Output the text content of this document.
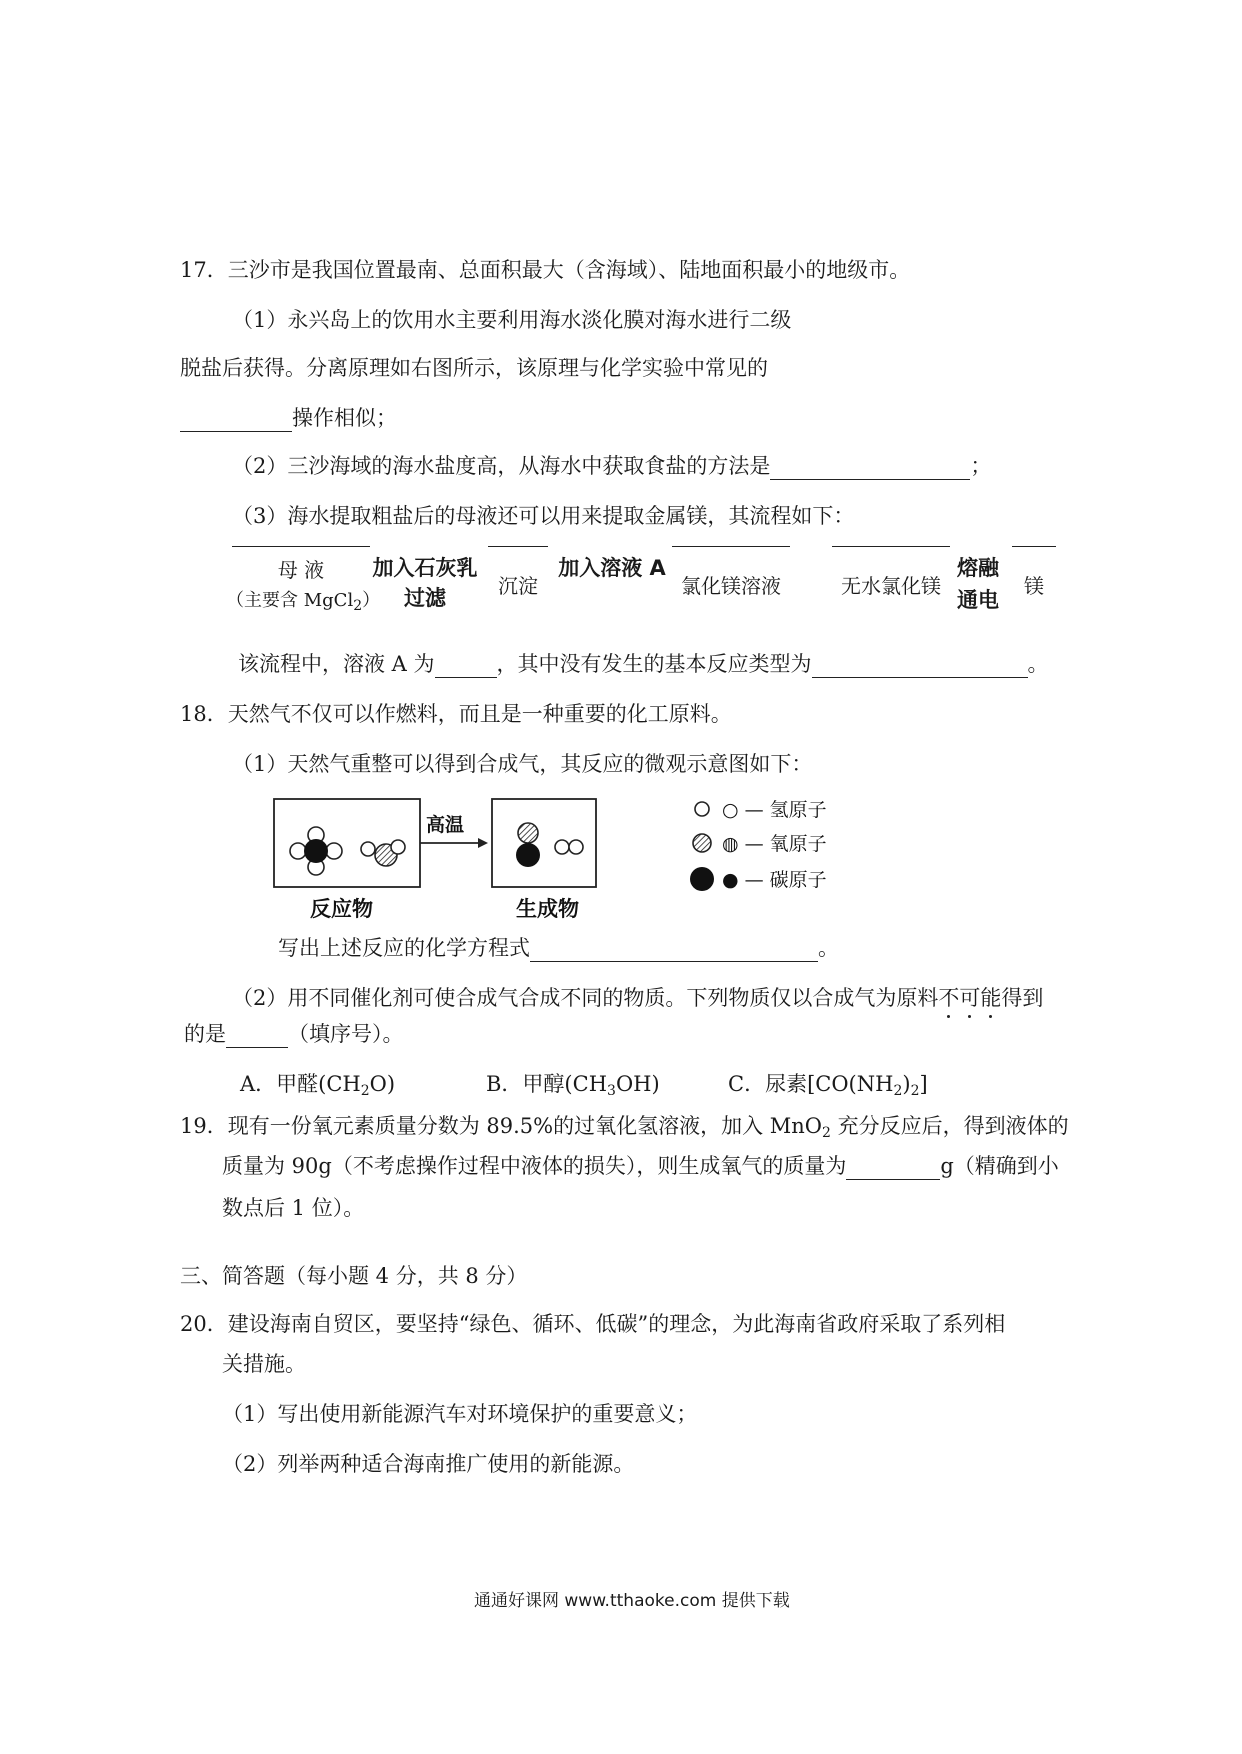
17．三沙市是我国位置最南、总面积最大（含海域）、陆地面积最小的地级市。
（1）永兴岛上的饮用水主要利用海水淡化膜对海水进行二级
脱盐后获得。分离原理如右图所示，该原理与化学实验中常见的
操作相似；
（2）三沙海域的海水盐度高，从海水中获取食盐的方法是	；
（3）海水提取粗盐后的母液还可以用来提取金属镁，其流程如下：
母 液
（主要含 MgCl$_2$）
加入石灰乳
过滤	沉淀
加入溶液 A
氯化镁溶液	无水氯化镁
熔融
通电
镁
该流程中，溶液 A 为	，其中没有发生的基本反应类型为	。
18．天然气不仅可以作燃料，而且是一种重要的化工原料。
（1）天然气重整可以得到合成气，其反应的微观示意图如下：
高温
反应物	生成物
○ — 氢原子
◍ — 氧原子
● — 碳原子
写出上述反应的化学方程式	。
（2）用不同催化剂可使合成气合成不同的物质。下列物质仅以合成气为原料不可能得到
的是	（填序号）。
A．甲醛$(CH_2O)$	B．甲醇$(CH_3OH)$	C．尿素$[CO(NH_2)_2]$
19．现有一份氧元素质量分数为 89.5%的过氧化氢溶液，加入 MnO$_2$ 充分反应后，得到液体的
质量为 90g（不考虑操作过程中液体的损失），则生成氧气的质量为	g（精确到小
数点后 1 位）。
三、简答题（每小题 4 分，共 8 分）
20．建设海南自贸区，要坚持“绿色、循环、低碳”的理念，为此海南省政府采取了系列相
关措施。
（1）写出使用新能源汽车对环境保护的重要意义；
（2）列举两种适合海南推广使用的新能源。
通通好课网 www.tthaoke.com 提供下载
